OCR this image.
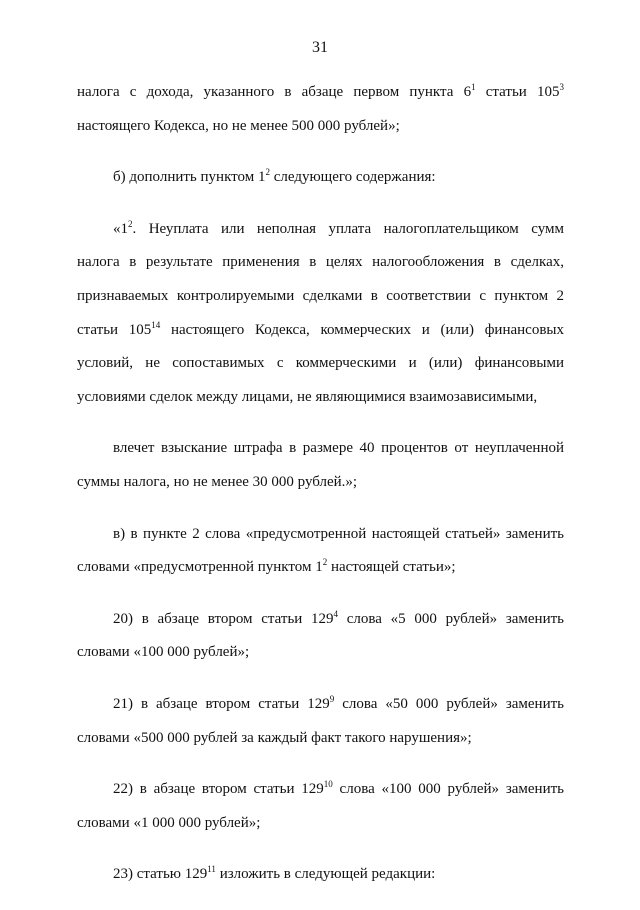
31

налога с дохода, указанного в абзаце первом пункта $6^1$ статьи $105^3$
настоящего Кодекса, но не менее 500 000 рублей»;

б) дополнить пунктом $1^2$ следующего содержания:

«$1^2$. Неуплата или неполная уплата налогоплательщиком сумм
налога в результате применения в целях налогообложения в сделках,
признаваемых контролируемыми сделками в соответствии с пунктом 2
статьи $105^{14}$ настоящего Кодекса, коммерческих и (или) финансовых
условий, не сопоставимых с коммерческими и (или) финансовыми
условиями сделок между лицами, не являющимися взаимозависимыми,

влечет взыскание штрафа в размере 40 процентов от неуплаченной
суммы налога, но не менее 30 000 рублей.»;

в) в пункте 2 слова «предусмотренной настоящей статьей» заменить
словами «предусмотренной пунктом $1^2$ настоящей статьи»;

20) в абзаце втором статьи $129^4$ слова «5 000 рублей» заменить
словами «100 000 рублей»;

21) в абзаце втором статьи $129^9$ слова «50 000 рублей» заменить
словами «500 000 рублей за каждый факт такого нарушения»;

22) в абзаце втором статьи $129^{10}$ слова «100 000 рублей» заменить
словами «1 000 000 рублей»;

23) статью $129^{11}$ изложить в следующей редакции:
